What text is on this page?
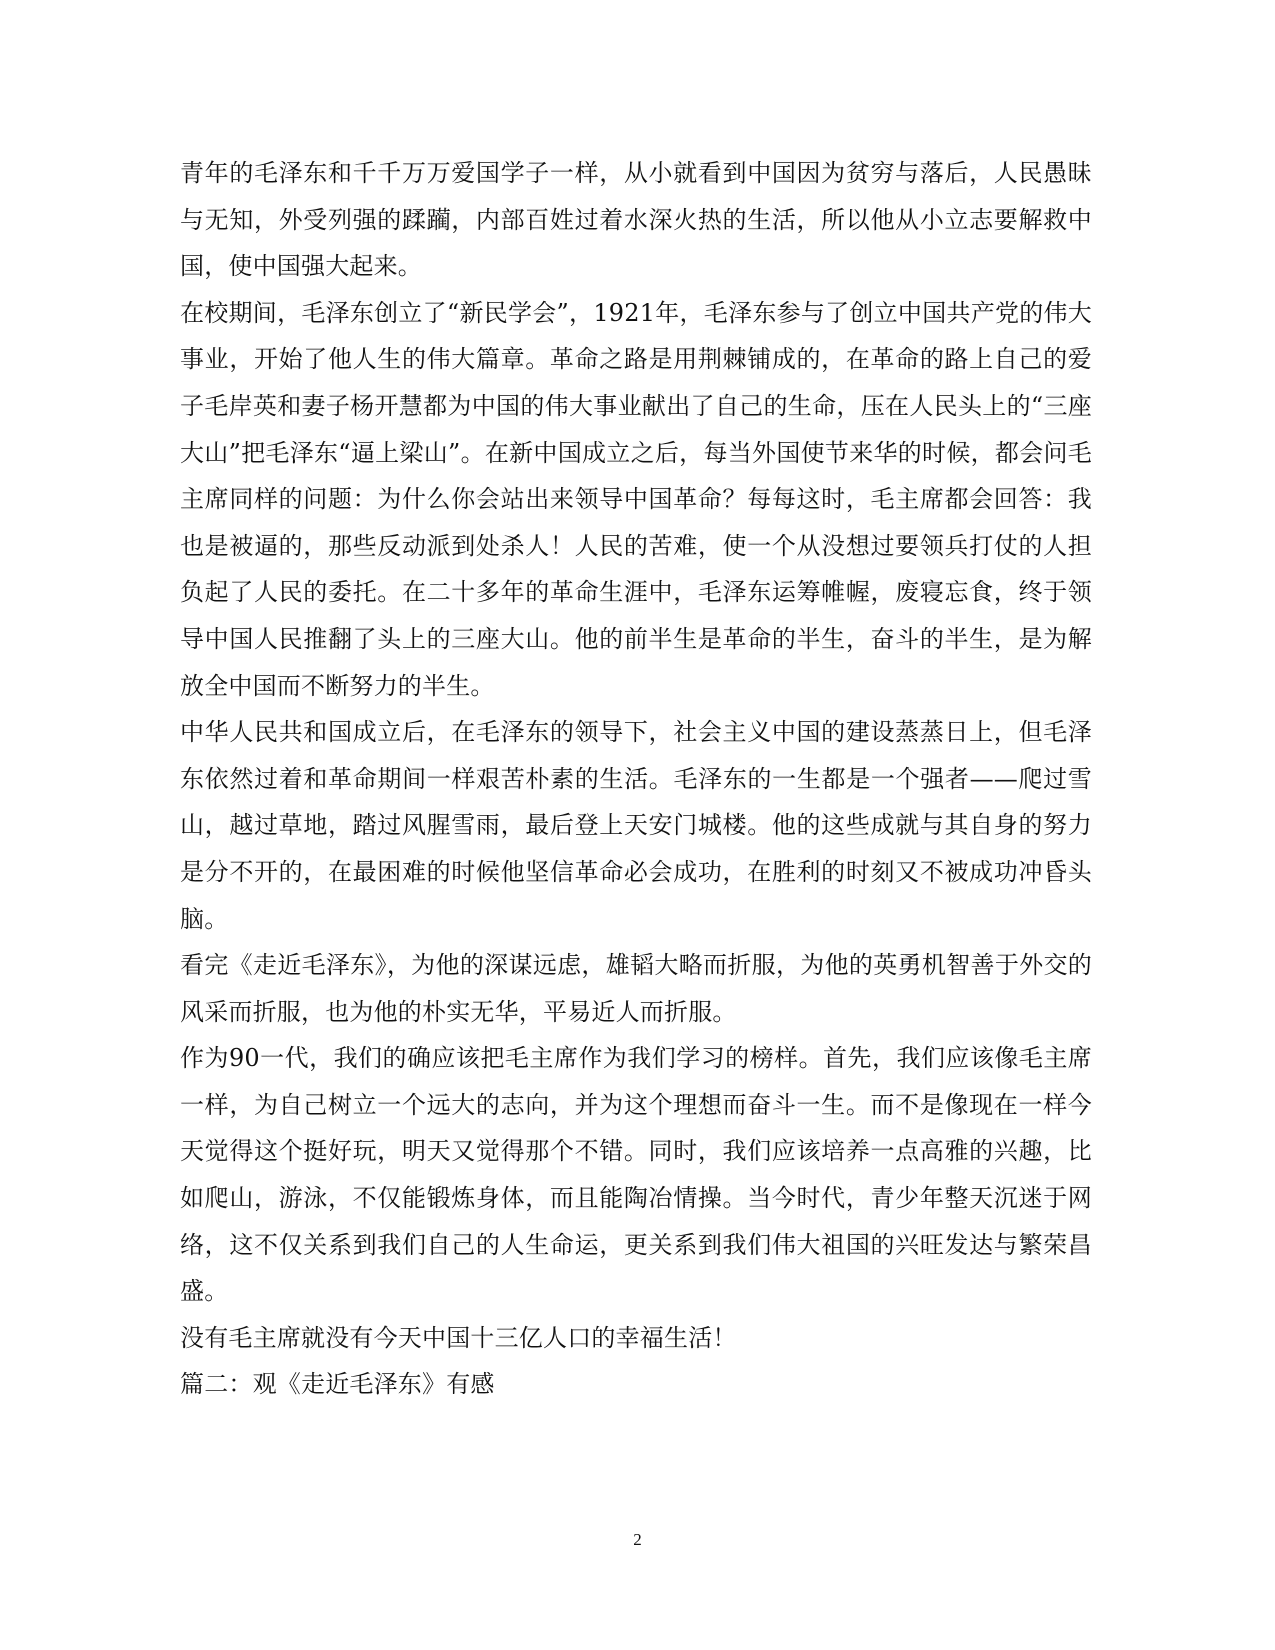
青年的毛泽东和千千万万爱国学子一样，从小就看到中国因为贫穷与落后，人民愚昧与无知，外受列强的蹂躏，内部百姓过着水深火热的生活，所以他从小立志要解救中国，使中国强大起来。

在校期间，毛泽东创立了“新民学会”，1921年，毛泽东参与了创立中国共产党的伟大事业，开始了他人生的伟大篇章。革命之路是用荆棘铺成的，在革命的路上自己的爱子毛岸英和妻子杨开慧都为中国的伟大事业献出了自己的生命，压在人民头上的“三座大山”把毛泽东“逼上梁山”。在新中国成立之后，每当外国使节来华的时候，都会问毛主席同样的问题：为什么你会站出来领导中国革命？每每这时，毛主席都会回答：我也是被逼的，那些反动派到处杀人！人民的苦难，使一个从没想过要领兵打仗的人担负起了人民的委托。在二十多年的革命生涯中，毛泽东运筹帷幄，废寝忘食，终于领导中国人民推翻了头上的三座大山。他的前半生是革命的半生，奋斗的半生，是为解放全中国而不断努力的半生。

中华人民共和国成立后，在毛泽东的领导下，社会主义中国的建设蒸蒸日上，但毛泽东依然过着和革命期间一样艰苦朴素的生活。毛泽东的一生都是一个强者——爬过雪山，越过草地，踏过风腥雪雨，最后登上天安门城楼。他的这些成就与其自身的努力是分不开的，在最困难的时候他坚信革命必会成功，在胜利的时刻又不被成功冲昏头脑。

看完《走近毛泽东》，为他的深谋远虑，雄韬大略而折服，为他的英勇机智善于外交的风采而折服，也为他的朴实无华，平易近人而折服。

作为90一代，我们的确应该把毛主席作为我们学习的榜样。首先，我们应该像毛主席一样，为自己树立一个远大的志向，并为这个理想而奋斗一生。而不是像现在一样今天觉得这个挺好玩，明天又觉得那个不错。同时，我们应该培养一点高雅的兴趣，比如爬山，游泳，不仅能锻炼身体，而且能陶冶情操。当今时代，青少年整天沉迷于网络，这不仅关系到我们自己的人生命运，更关系到我们伟大祖国的兴旺发达与繁荣昌盛。

没有毛主席就没有今天中国十三亿人口的幸福生活！

篇二：观《走近毛泽东》有感

2
